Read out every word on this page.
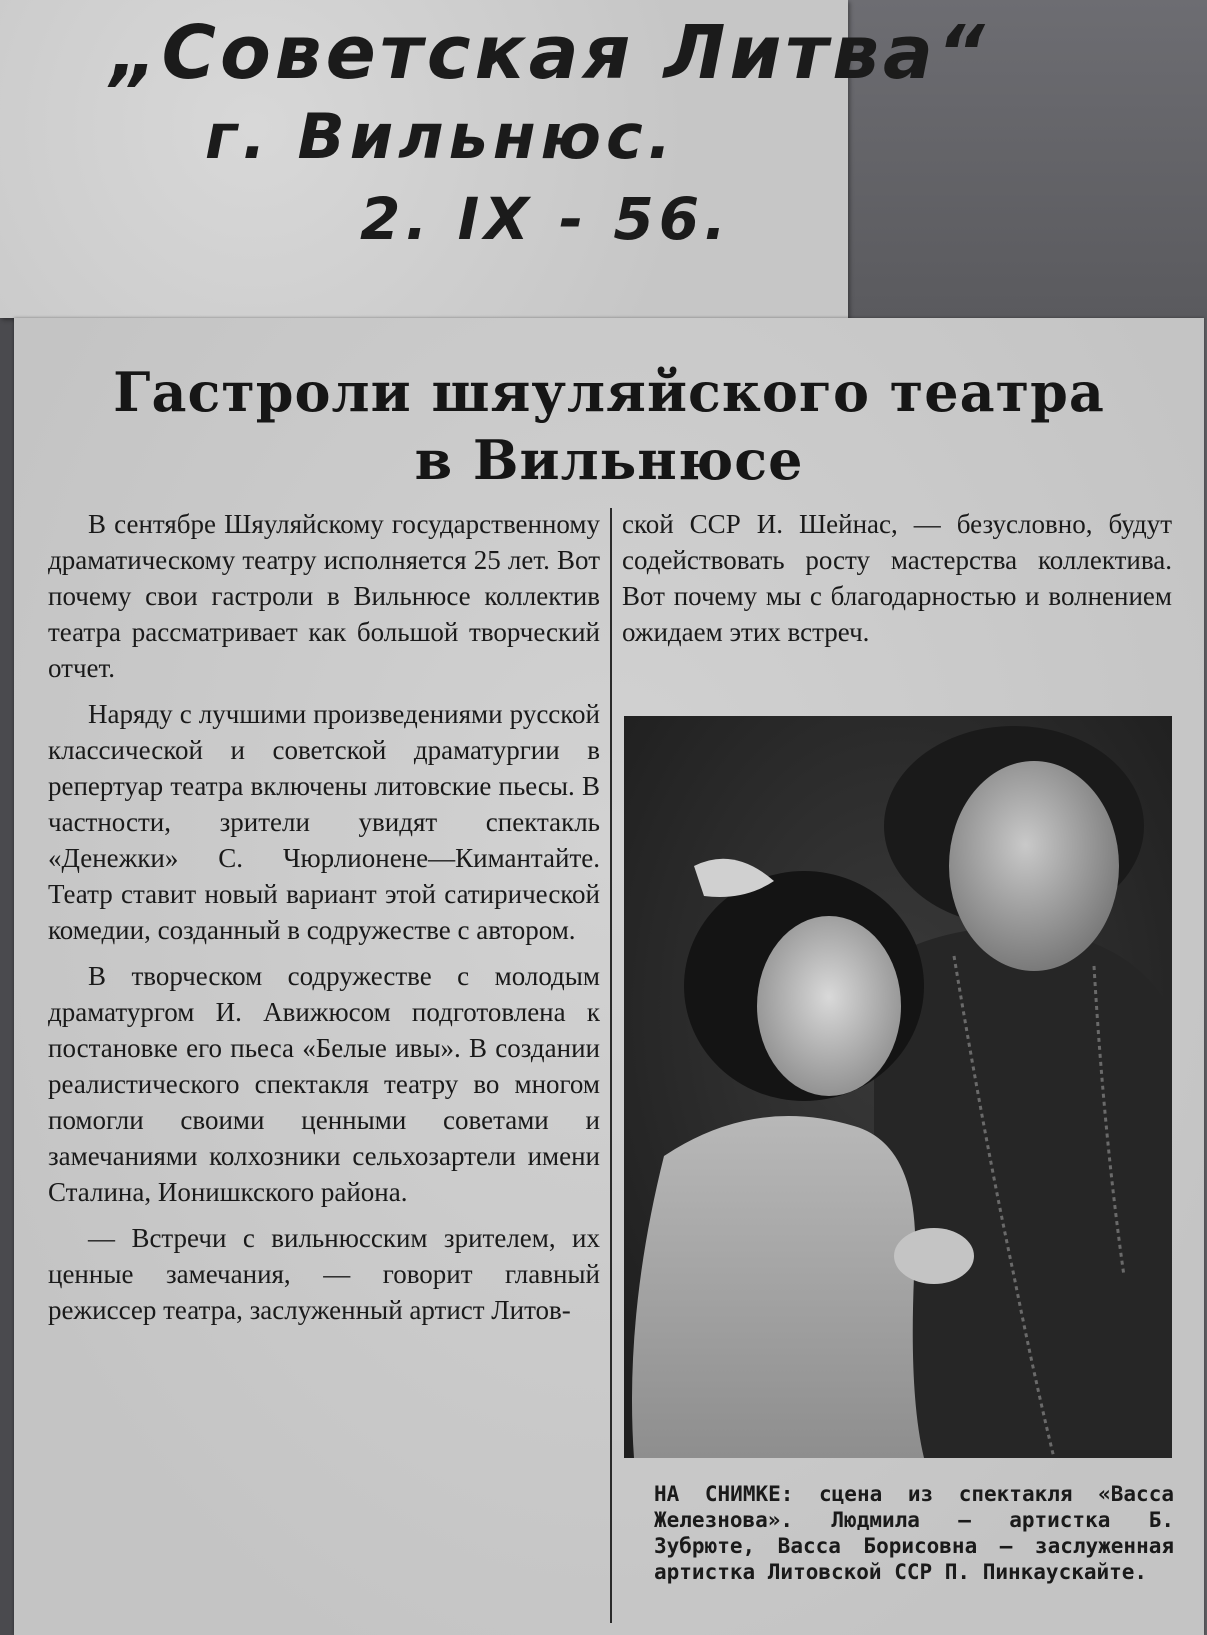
„Советская Литва“
г. Вильнюс.
2. IX - 56.
Гастроли шяуляйского театра
в Вильнюсе

В сентябре Шяуляйскому государственному драматическому театру исполняется 25 лет. Вот почему свои гастроли в Вильнюсе коллектив театра рассматривает как большой творческий отчет.

Наряду с лучшими произведениями русской классической и советской драматургии в репертуар театра включены литовские пьесы. В частности, зрители увидят спектакль «Денежки» С. Чюрлионене—Кимантайте. Театр ставит новый вариант этой сатирической комедии, созданный в содружестве с автором.

В творческом содружестве с молодым драматургом И. Авижюсом подготовлена к постановке его пьеса «Белые ивы». В создании реалистического спектакля театру во многом помогли своими ценными советами и замечаниями колхозники сельхозартели имени Сталина, Ионишкского района.

— Встречи с вильнюсским зрителем, их ценные замечания, — говорит главный режиссер театра, заслуженный артист Литов-

ской ССР И. Шейнас, — безусловно, будут содействовать росту мастерства коллектива. Вот почему мы с благодарностью и волнением ожидаем этих встреч.

НА СНИМКЕ: сцена из спектакля «Васса Железнова». Людмила — артистка Б. Зубрюте, Васса Борисовна — заслуженная артистка Литовской ССР П. Пинкаускайте.
